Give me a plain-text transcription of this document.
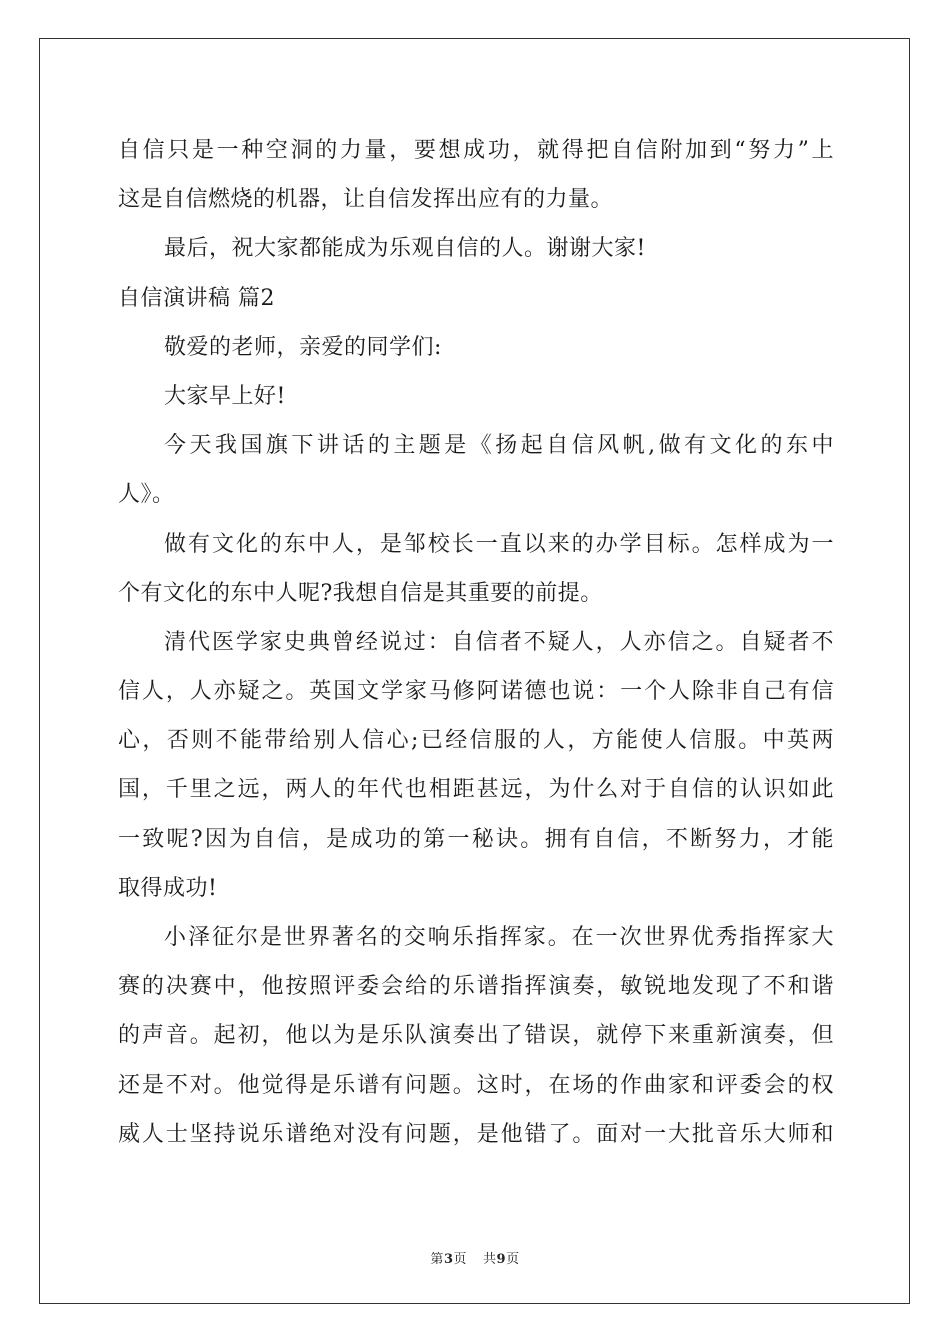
自信只是一种空洞的力量，要想成功，就得把自信附加到“努力”上
这是自信燃烧的机器，让自信发挥出应有的力量。
最后，祝大家都能成为乐观自信的人。谢谢大家!
自信演讲稿 篇2
敬爱的老师，亲爱的同学们:
大家早上好!
今天我国旗下讲话的主题是《扬起自信风帆,做有文化的东中
人》。
做有文化的东中人，是邹校长一直以来的办学目标。怎样成为一
个有文化的东中人呢?我想自信是其重要的前提。
清代医学家史典曾经说过：自信者不疑人，人亦信之。自疑者不
信人，人亦疑之。英国文学家马修阿诺德也说：一个人除非自己有信
心，否则不能带给别人信心;已经信服的人，方能使人信服。中英两
国，千里之远，两人的年代也相距甚远，为什么对于自信的认识如此
一致呢?因为自信，是成功的第一秘诀。拥有自信，不断努力，才能
取得成功!
小泽征尔是世界著名的交响乐指挥家。在一次世界优秀指挥家大
赛的决赛中，他按照评委会给的乐谱指挥演奏，敏锐地发现了不和谐
的声音。起初，他以为是乐队演奏出了错误，就停下来重新演奏，但
还是不对。他觉得是乐谱有问题。这时，在场的作曲家和评委会的权
威人士坚持说乐谱绝对没有问题，是他错了。面对一大批音乐大师和
第3页 共9页
